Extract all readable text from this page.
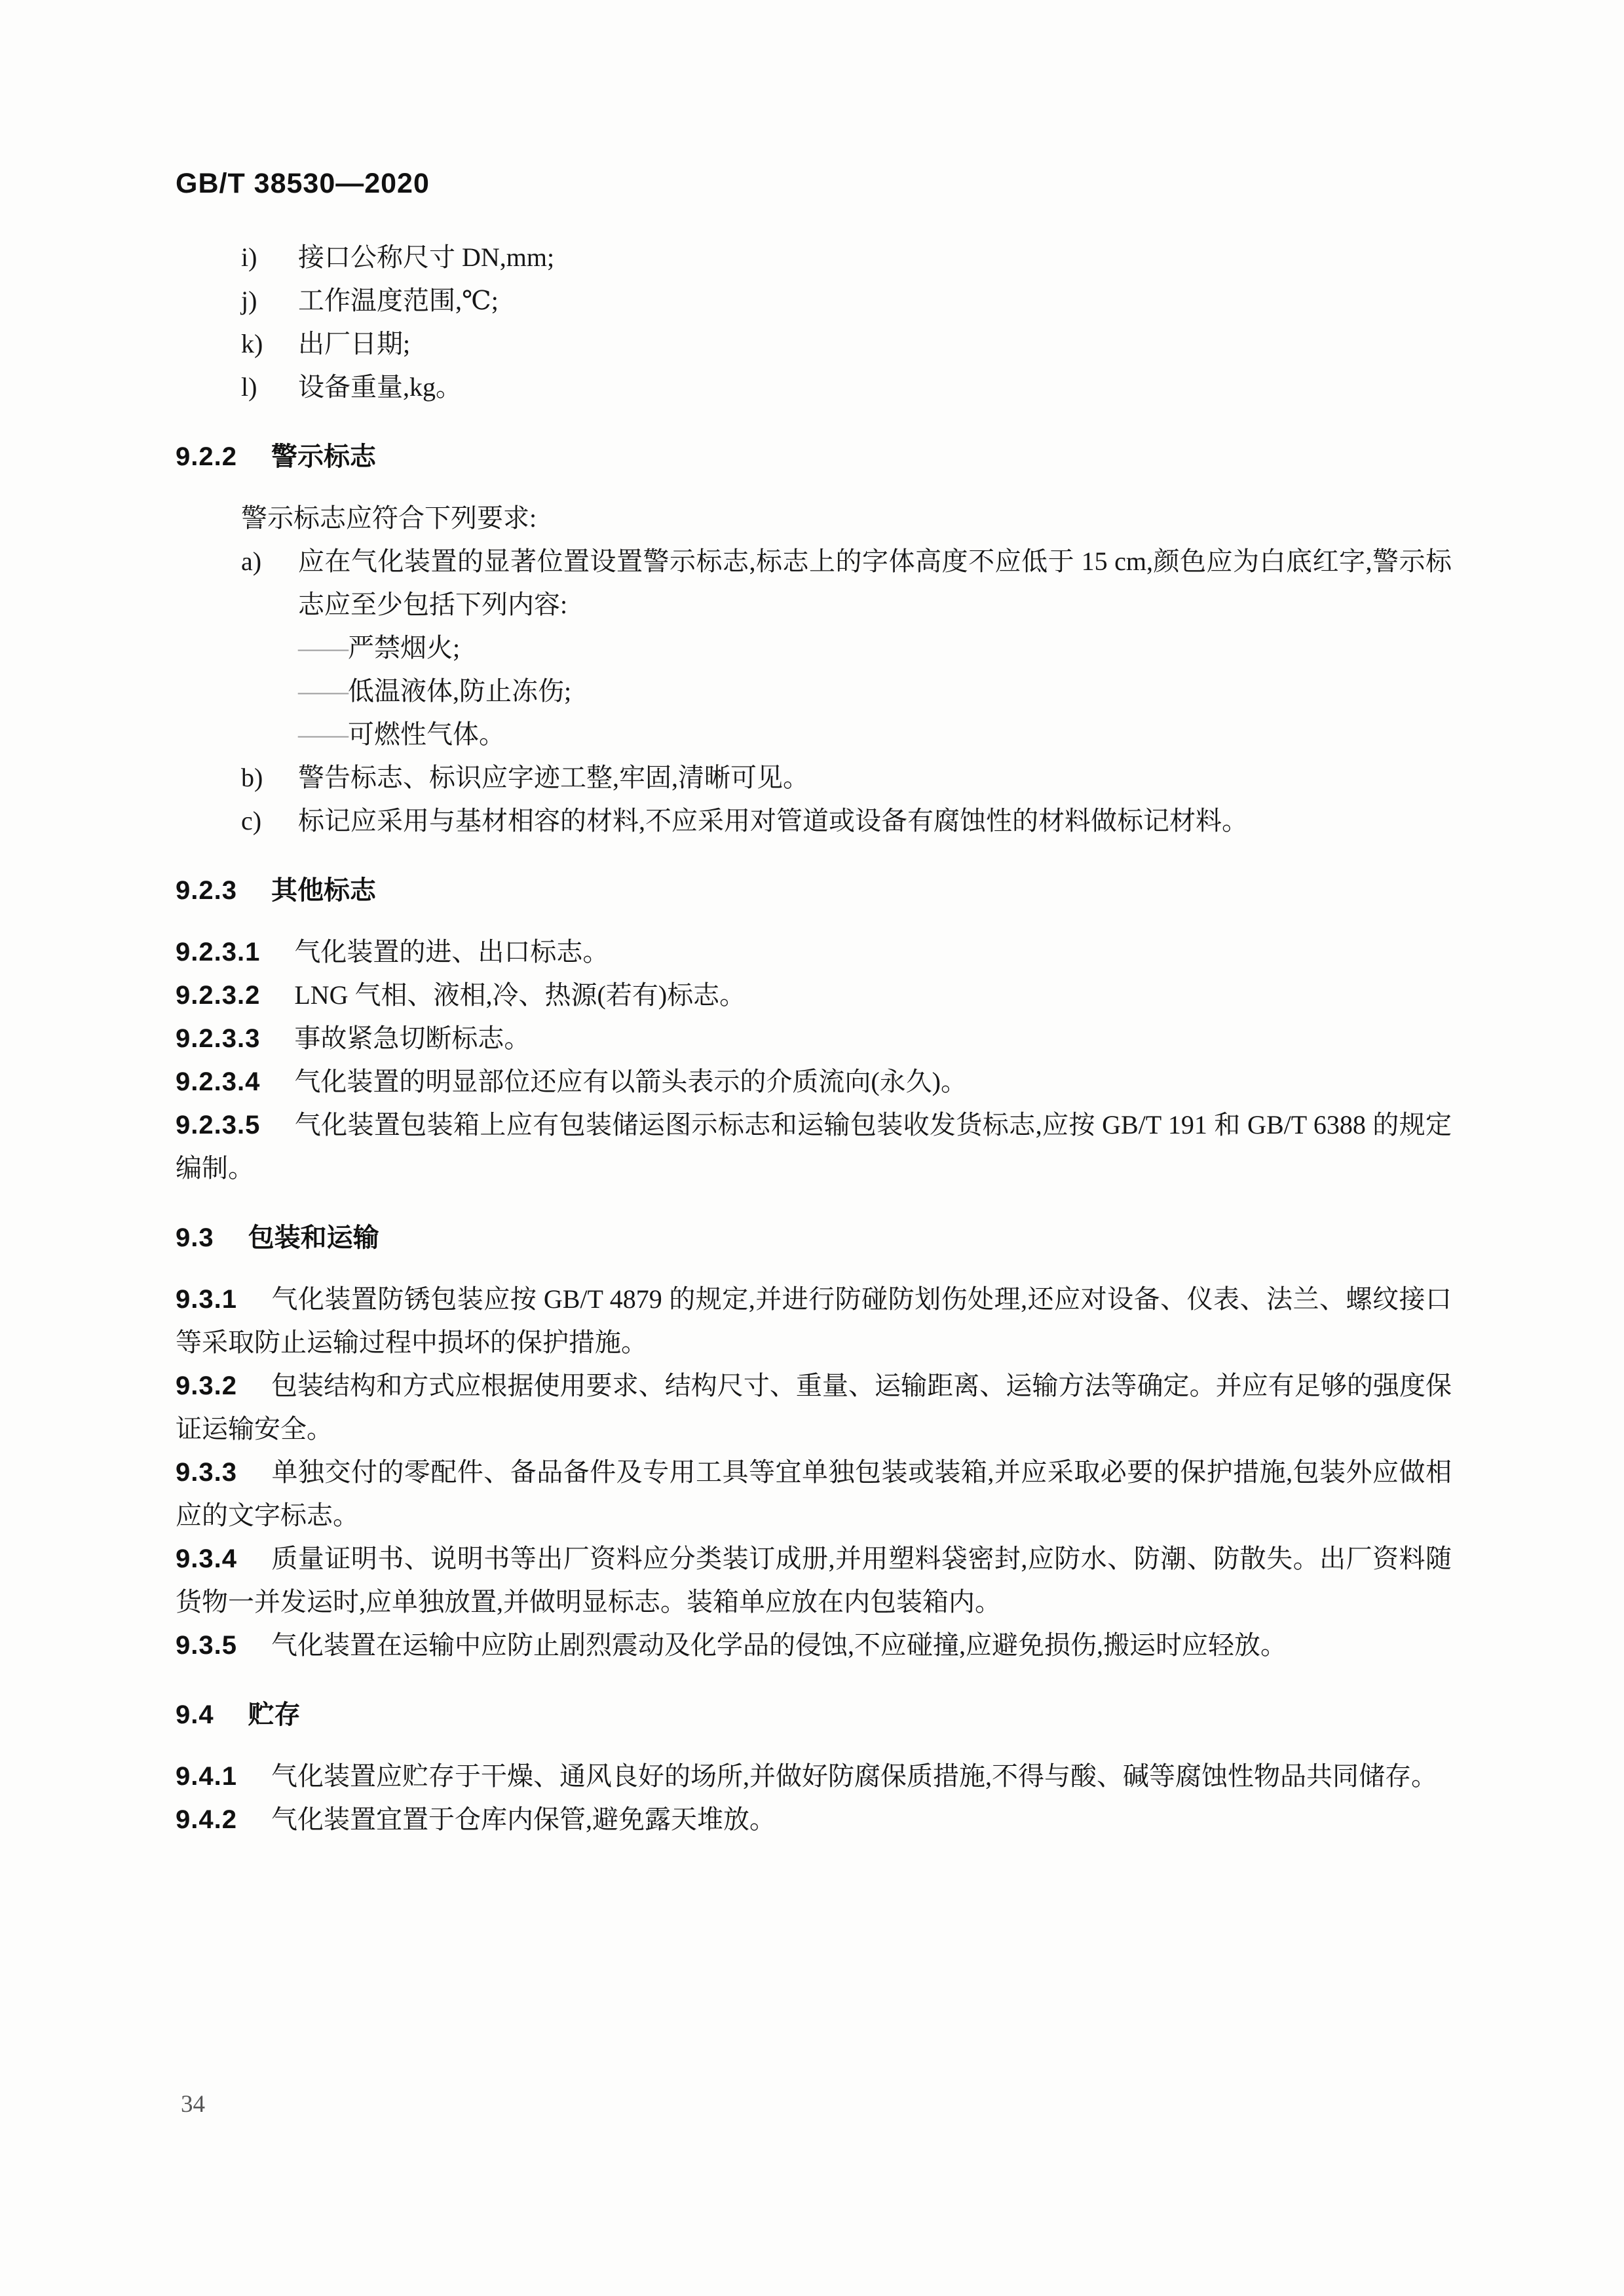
GB/T 38530—2020
i) 接口公称尺寸 DN,mm;
j) 工作温度范围,℃;
k) 出厂日期;
l) 设备重量,kg。
9.2.2 警示标志
警示标志应符合下列要求:
a) 应在气化装置的显著位置设置警示标志,标志上的字体高度不应低于 15 cm,颜色应为白底红字,警示标志应至少包括下列内容:
——严禁烟火;
——低温液体,防止冻伤;
——可燃性气体。
b) 警告标志、标识应字迹工整,牢固,清晰可见。
c) 标记应采用与基材相容的材料,不应采用对管道或设备有腐蚀性的材料做标记材料。
9.2.3 其他标志
9.2.3.1 气化装置的进、出口标志。
9.2.3.2 LNG 气相、液相,冷、热源(若有)标志。
9.2.3.3 事故紧急切断标志。
9.2.3.4 气化装置的明显部位还应有以箭头表示的介质流向(永久)。
9.2.3.5 气化装置包装箱上应有包装储运图示标志和运输包装收发货标志,应按 GB/T 191 和 GB/T 6388 的规定编制。
9.3 包装和运输
9.3.1 气化装置防锈包装应按 GB/T 4879 的规定,并进行防碰防划伤处理,还应对设备、仪表、法兰、螺纹接口等采取防止运输过程中损坏的保护措施。
9.3.2 包装结构和方式应根据使用要求、结构尺寸、重量、运输距离、运输方法等确定。并应有足够的强度保证运输安全。
9.3.3 单独交付的零配件、备品备件及专用工具等宜单独包装或装箱,并应采取必要的保护措施,包装外应做相应的文字标志。
9.3.4 质量证明书、说明书等出厂资料应分类装订成册,并用塑料袋密封,应防水、防潮、防散失。出厂资料随货物一并发运时,应单独放置,并做明显标志。装箱单应放在内包装箱内。
9.3.5 气化装置在运输中应防止剧烈震动及化学品的侵蚀,不应碰撞,应避免损伤,搬运时应轻放。
9.4 贮存
9.4.1 气化装置应贮存于干燥、通风良好的场所,并做好防腐保质措施,不得与酸、碱等腐蚀性物品共同储存。
9.4.2 气化装置宜置于仓库内保管,避免露天堆放。
34
